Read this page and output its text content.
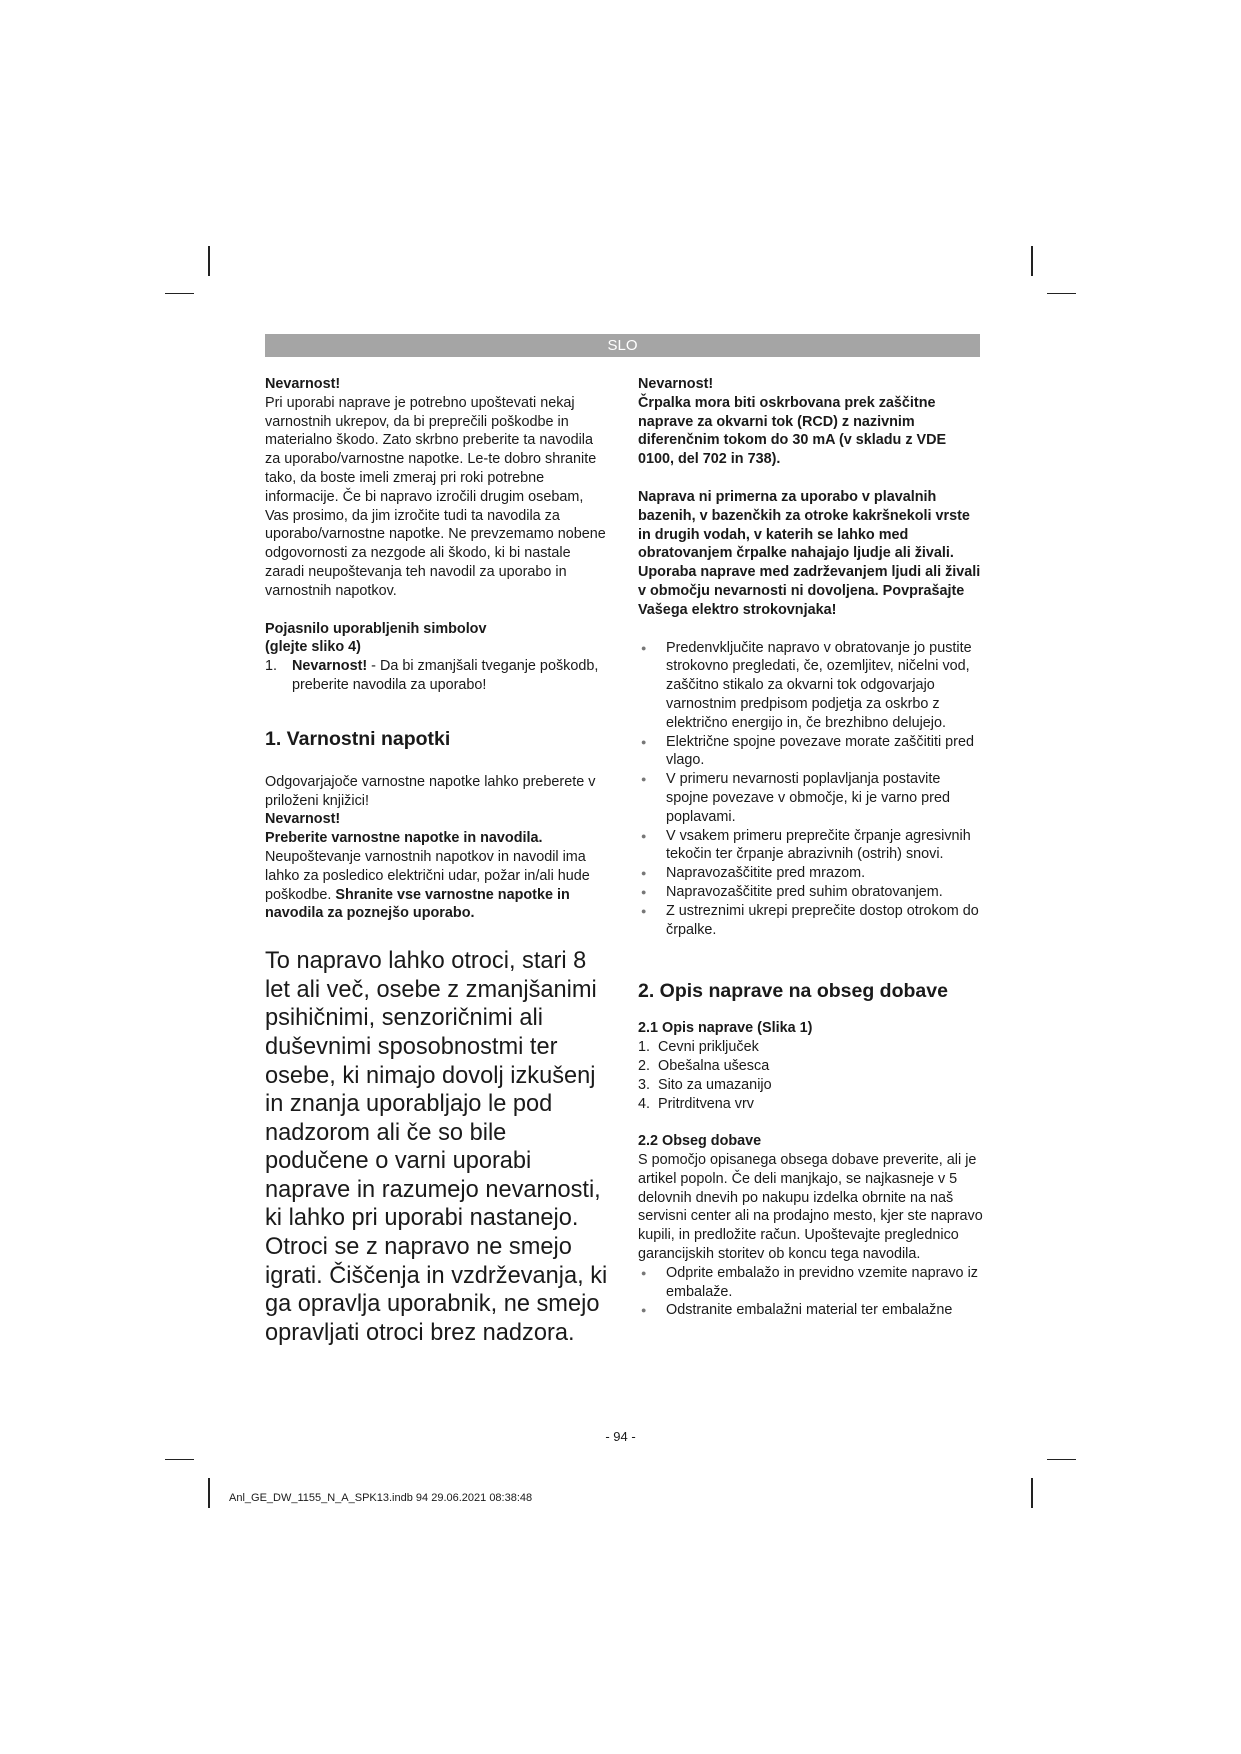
SLO

Nevarnost!

Pri uporabi naprave je potrebno upoštevati nekaj varnostnih ukrepov, da bi preprečili poškodbe in materialno škodo. Zato skrbno preberite ta navodila za uporabo/varnostne napotke. Le-te dobro shranite tako, da boste imeli zmeraj pri roki potrebne informacije. Če bi napravo izročili drugim osebam, Vas prosimo, da jim izročite tudi ta navodila za uporabo/varnostne napotke. Ne prevzemamo nobene odgovornosti za nezgode ali škodo, ki bi nastale zaradi neupoštevanja teh navodil za uporabo in varnostnih napotkov.

Pojasnilo uporabljenih simbolov

(glejte sliko 4)

1. Nevarnost! - Da bi zmanjšali tveganje poškodb, preberite navodila za uporabo!
1. Varnostni napotki

Odgovarjajoče varnostne napotke lahko preberete v priloženi knjižici!

Nevarnost!

Preberite varnostne napotke in navodila.

Neupoštevanje varnostnih napotkov in navodil ima lahko za posledico električni udar, požar in/ali hude poškodbe. Shranite vse varnostne napotke in navodila za poznejšo uporabo.

To napravo lahko otroci, stari 8 let ali več, osebe z zmanjšanimi psihičnimi, senzoričnimi ali duševnimi sposobnostmi ter osebe, ki nimajo dovolj izkušenj in znanja uporabljajo le pod nadzorom ali če so bile podučene o varni uporabi naprave in razumejo nevarnosti, ki lahko pri uporabi nastanejo. Otroci se z napravo ne smejo igrati. Čiščenja in vzdrževanja, ki ga opravlja uporabnik, ne smejo opravljati otroci brez nadzora.

Nevarnost!

Črpalka mora biti oskrbovana prek zaščitne naprave za okvarni tok (RCD) z nazivnim diferenčnim tokom do 30 mA (v skladu z VDE 0100, del 702 in 738).

Naprava ni primerna za uporabo v plavalnih bazenih, v bazenčkih za otroke kakršnekoli vrste in drugih vodah, v katerih se lahko med obratovanjem črpalke nahajajo ljudje ali živali. Uporaba naprave med zadrževanjem ljudi ali živali v območju nevarnosti ni dovoljena. Povprašajte Vašega elektro strokovnjaka!

● Predenvključite napravo v obratovanje jo pustite strokovno pregledati, če, ozemljitev, ničelni vod, zaščitno stikalo za okvarni tok odgovarjajo varnostnim predpisom podjetja za oskrbo z električno energijo in, če brezhibno delujejo.
● Električne spojne povezave morate zaščititi pred vlago.
● V primeru nevarnosti poplavljanja postavite spojne povezave v območje, ki je varno pred poplavami.
● V vsakem primeru preprečite črpanje agresivnih tekočin ter črpanje abrazivnih (ostrih) snovi.
● Napravozaščitite pred mrazom.
● Napravozaščitite pred suhim obratovanjem.
● Z ustreznimi ukrepi preprečite dostop otrokom do črpalke.
2. Opis naprave na obseg dobave

2.1 Opis naprave (Slika 1)

1. Cevni priključek
2. Obešalna ušesca
3. Sito za umazanijo
4. Pritrditvena vrv

2.2 Obseg dobave

S pomočjo opisanega obsega dobave preverite, ali je artikel popoln. Če deli manjkajo, se najkasneje v 5 delovnih dnevih po nakupu izdelka obrnite na naš servisni center ali na prodajno mesto, kjer ste napravo kupili, in predložite račun. Upoštevajte preglednico garancijskih storitev ob koncu tega navodila.

● Odprite embalažo in previdno vzemite napravo iz embalaže.
● Odstranite embalažni material ter embalažne
- 94 -
Anl_GE_DW_1155_N_A_SPK13.indb 94 29.06.2021 08:38:48
